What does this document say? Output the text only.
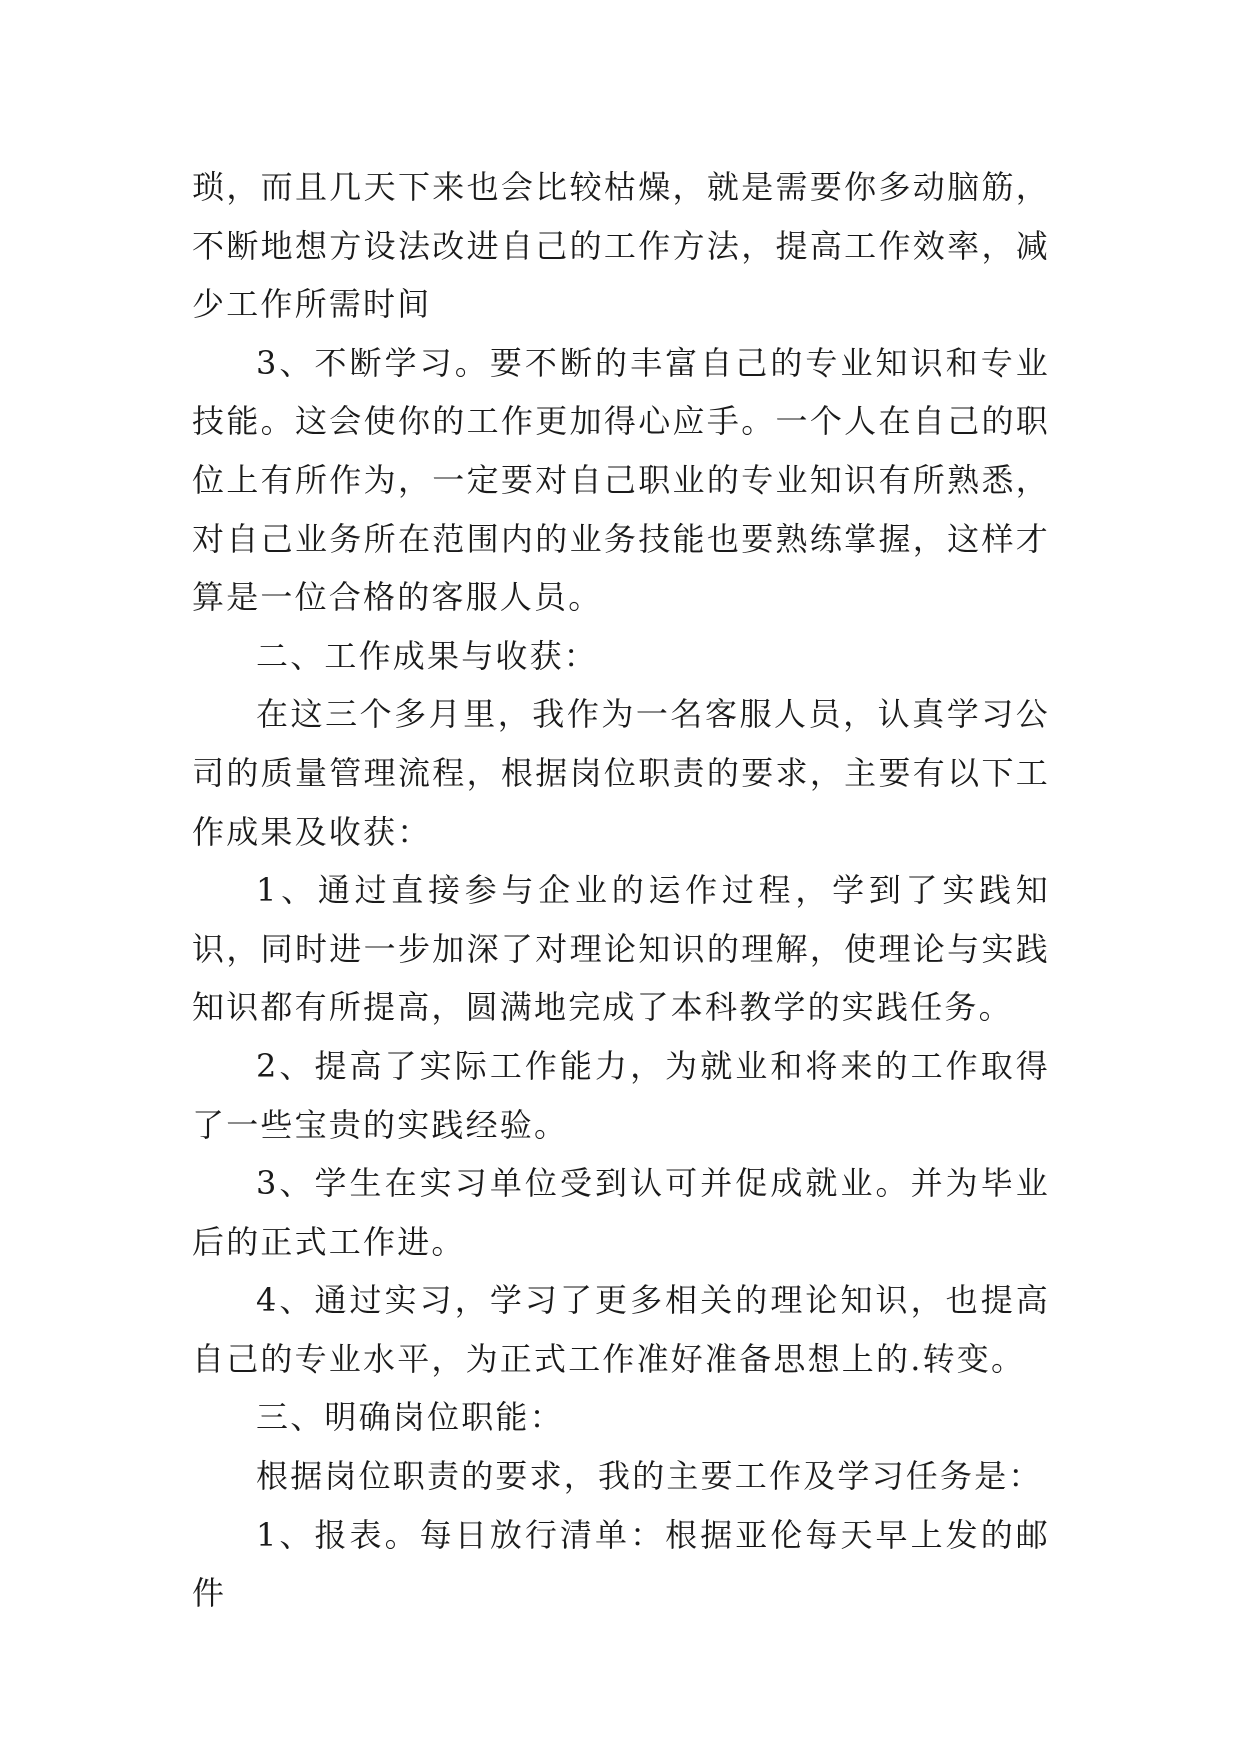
琐，而且几天下来也会比较枯燥，就是需要你多动脑筋，不断地想方设法改进自己的工作方法，提高工作效率，减少工作所需时间

3、不断学习。要不断的丰富自己的专业知识和专业技能。这会使你的工作更加得心应手。一个人在自己的职位上有所作为，一定要对自己职业的专业知识有所熟悉，对自己业务所在范围内的业务技能也要熟练掌握，这样才算是一位合格的客服人员。

二、工作成果与收获：

在这三个多月里，我作为一名客服人员，认真学习公司的质量管理流程，根据岗位职责的要求，主要有以下工作成果及收获：

1、通过直接参与企业的运作过程，学到了实践知识，同时进一步加深了对理论知识的理解，使理论与实践知识都有所提高，圆满地完成了本科教学的实践任务。

2、提高了实际工作能力，为就业和将来的工作取得了一些宝贵的实践经验。

3、学生在实习单位受到认可并促成就业。并为毕业后的正式工作进。

4、通过实习，学习了更多相关的理论知识，也提高自己的专业水平，为正式工作准好准备思想上的.转变。

三、明确岗位职能：

根据岗位职责的要求，我的主要工作及学习任务是：

1、报表。每日放行清单：根据亚伦每天早上发的邮件
